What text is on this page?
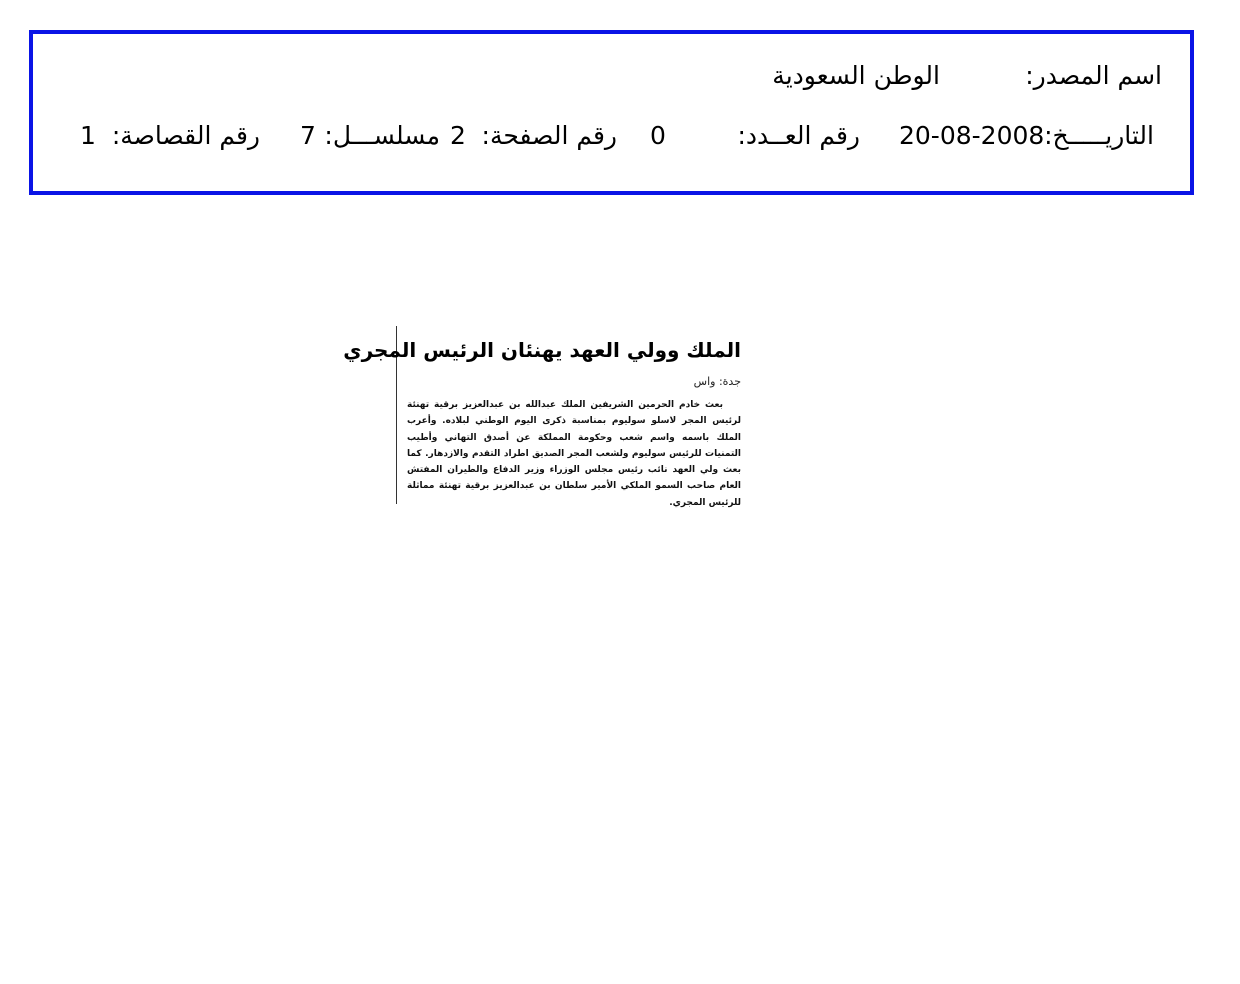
اسم المصدر:
الوطن السعودية
التاريـــــخ:
20-08-2008
رقم العــدد:
0
رقم الصفحة:
2
مسلســـل:
7
رقم القصاصة:
1
الملك وولي العهد يهنئان الرئيس المجري
جدة: واس
بعث خادم الحرمين الشريفين الملك عبدالله بن عبدالعزيز برقية تهنئة لرئيس المجر لاسلو سوليوم بمناسبة ذكرى اليوم الوطني لبلاده. وأعرب الملك باسمه واسم شعب وحكومة المملكة عن أصدق التهاني وأطيب التمنيات للرئيس سوليوم ولشعب المجر الصديق اطراد التقدم والازدهار. كما بعث ولي العهد نائب رئيس مجلس الوزراء وزير الدفاع والطيران المفتش العام صاحب السمو الملكي الأمير سلطان بن عبدالعزيز برقية تهنئة مماثلة للرئيس المجري.
